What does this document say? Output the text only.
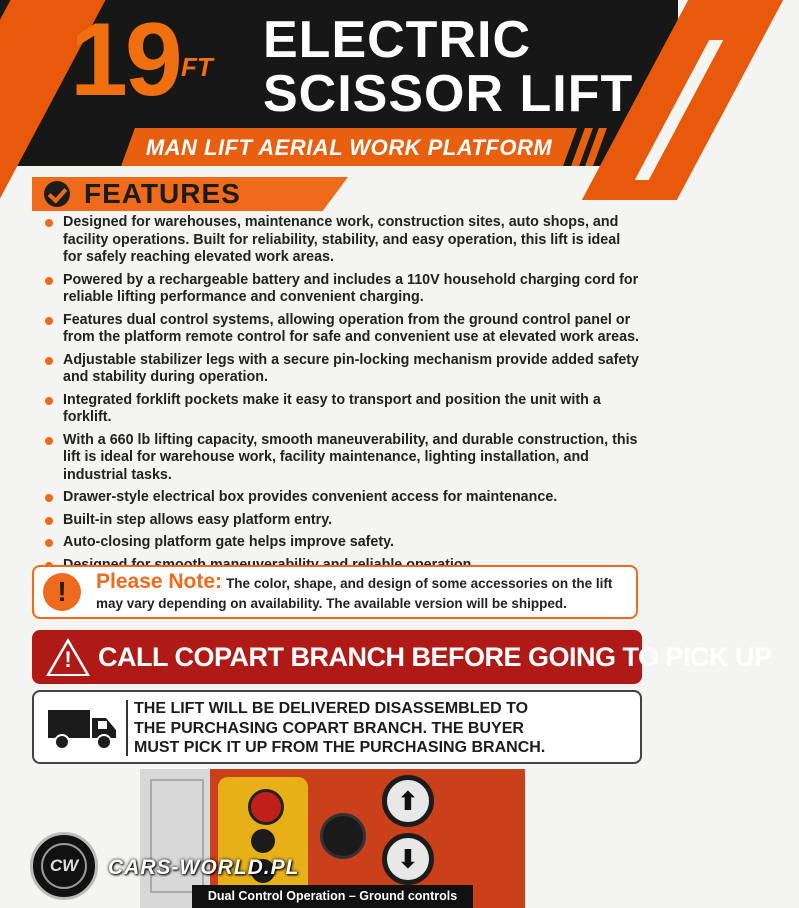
19 FT ELECTRIC
SCISSOR LIFT
MAN LIFT AERIAL WORK PLATFORM
FEATURES
Designed for warehouses, maintenance work, construction sites, auto shops, and facility operations. Built for reliability, stability, and easy operation, this lift is ideal for safely reaching elevated work areas.
Powered by a rechargeable battery and includes a 110V household charging cord for reliable lifting performance and convenient charging.
Features dual control systems, allowing operation from the ground control panel or from the platform remote control for safe and convenient use at elevated work areas.
Adjustable stabilizer legs with a secure pin-locking mechanism provide added safety and stability during operation.
Integrated forklift pockets make it easy to transport and position the unit with a forklift.
With a 660 lb lifting capacity, smooth maneuverability, and durable construction, this lift is ideal for warehouse work, facility maintenance, lighting installation, and industrial tasks.
Drawer-style electrical box provides convenient access for maintenance.
Built-in step allows easy platform entry.
Auto-closing platform gate helps improve safety.
!	Please Note: The color, shape, and design of some accessories on the lift may vary depending on availability. The available version will be shipped.
! CALL COPART BRANCH BEFORE GOING TO PICK UP
THE LIFT WILL BE DELIVERED DISASSEMBLED TO THE PURCHASING COPART BRANCH. THE BUYER MUST PICK IT UP FROM THE PURCHASING BRANCH.
⬆
⬇
Dual Control Operation – Ground controls
CW	CARS-WORLD.PL
